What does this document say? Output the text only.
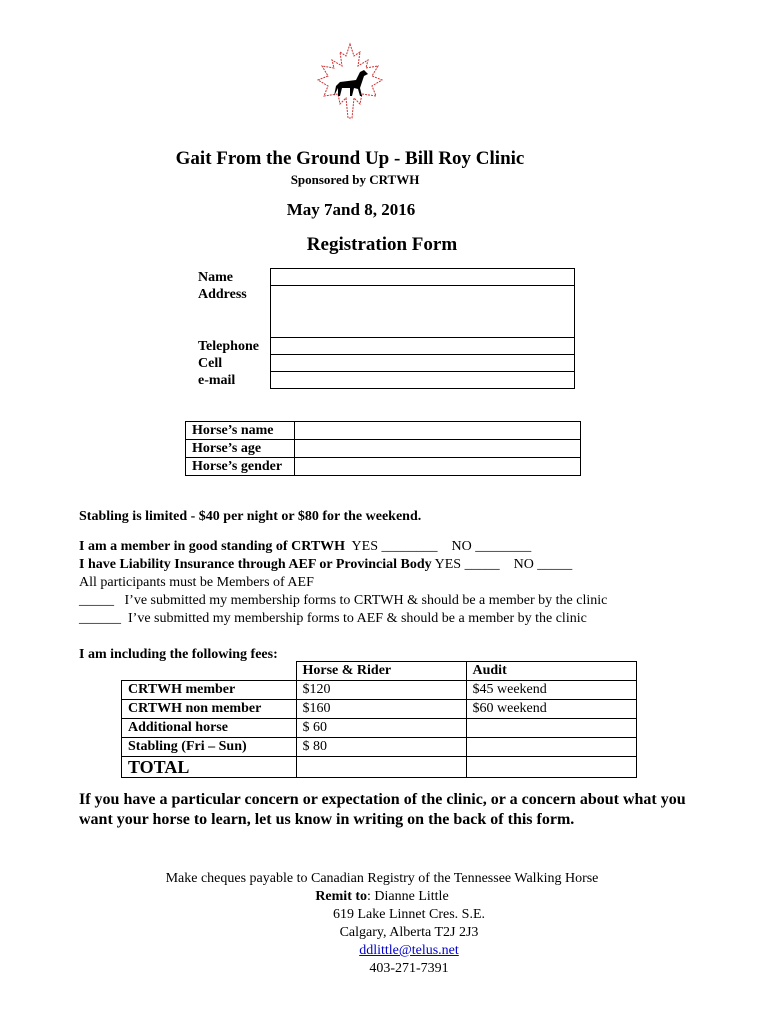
Gait From the Ground Up - Bill Roy Clinic
Sponsored by CRTWH
May 7and 8, 2016
Registration Form
Name	
Address	
Telephone	
Cell	
e-mail	
Horse’s name	
Horse’s age	
Horse’s gender	
Stabling is limited - $40 per night or $80 for the weekend.
I am a member in good standing of CRTWH  YES ________    NO ________
I have Liability Insurance through AEF or Provincial Body YES _____    NO _____
All participants must be Members of AEF
_____   I’ve submitted my membership forms to CRTWH & should be a member by the clinic
______  I’ve submitted my membership forms to AEF & should be a member by the clinic
I am including the following fees:
	Horse & Rider	Audit
CRTWH member	$120	$45 weekend
CRTWH non member	$160	$60 weekend
Additional horse	$ 60	
Stabling (Fri – Sun)	$ 80	
TOTAL		
If you have a particular concern or expectation of the clinic, or a concern about what you want your horse to learn, let us know in writing on the back of this form.
Make cheques payable to Canadian Registry of the Tennessee Walking Horse
Remit to: Dianne Little
619 Lake Linnet Cres. S.E.
Calgary, Alberta T2J 2J3
ddlittle@telus.net
403-271-7391
